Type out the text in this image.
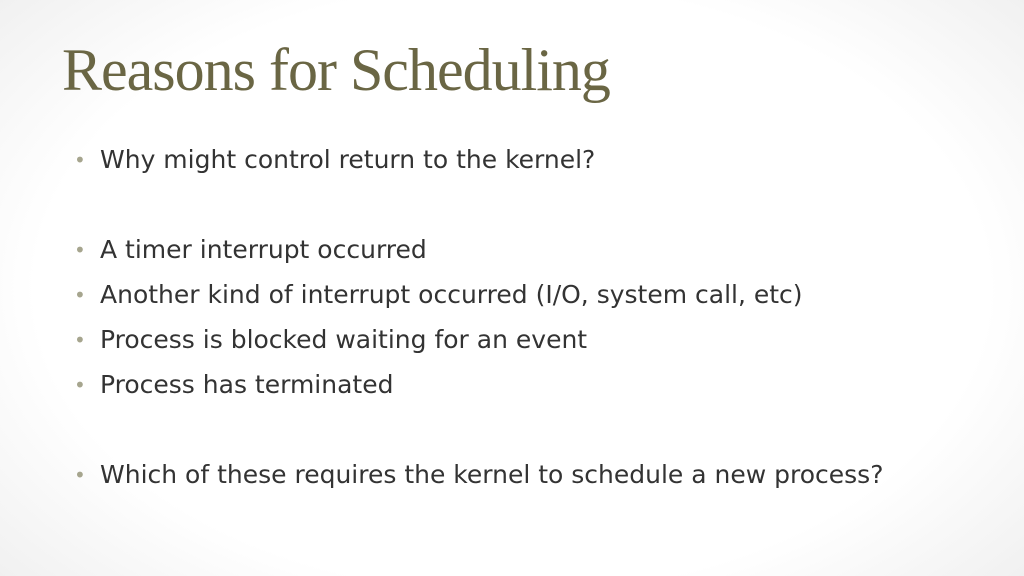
Reasons for Scheduling
• Why might control return to the kernel?
• A timer interrupt occurred
• Another kind of interrupt occurred (I/O, system call, etc)
• Process is blocked waiting for an event
• Process has terminated
• Which of these requires the kernel to schedule a new process?
